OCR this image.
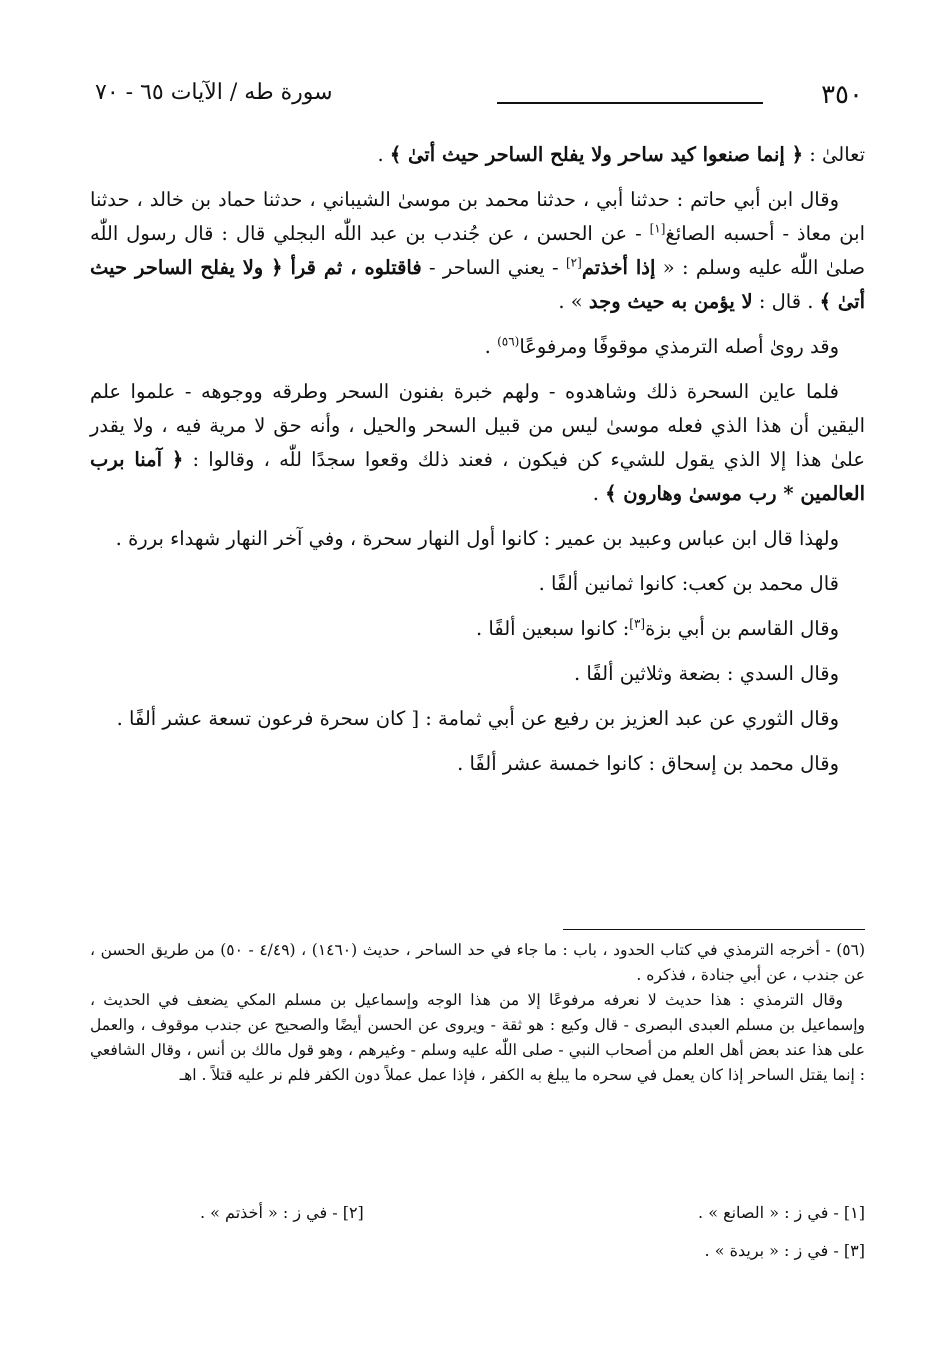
٣٥٠
سورة طه / الآيات ٦٥ - ٧٠

تعالىٰ : ﴿ إنما صنعوا كيد ساحر ولا يفلح الساحر حيث أتىٰ ﴾ .

وقال ابن أبي حاتم : حدثنا أبي ، حدثنا محمد بن موسىٰ الشيباني ، حدثنا حماد بن خالد ، حدثنا ابن معاذ - أحسبه الصائغ[١] - عن الحسن ، عن جُندب بن عبد اللّٰه البجلي قال : قال رسول اللّٰه صلىٰ اللّٰه عليه وسلم : « إذا أخذتم[٢] - يعني الساحر - فاقتلوه ، ثم قرأ ﴿ ولا يفلح الساحر حيث أتىٰ ﴾ . قال : لا يؤمن به حيث وجد » .

وقد روىٰ أصله الترمذي موقوفًا ومرفوعًا$^{(٥٦)}$ .

فلما عاين السحرة ذلك وشاهدوه - ولهم خبرة بفنون السحر وطرقه ووجوهه - علموا علم اليقين أن هذا الذي فعله موسىٰ ليس من قبيل السحر والحيل ، وأنه حق لا مرية فيه ، ولا يقدر علىٰ هذا إلا الذي يقول للشيء كن فيكون ، فعند ذلك وقعوا سجدًا للّٰه ، وقالوا : ﴿ آمنا برب العالمين * رب موسىٰ وهارون ﴾ .

ولهذا قال ابن عباس وعبيد بن عمير : كانوا أول النهار سحرة ، وفي آخر النهار شهداء بررة .

قال محمد بن كعب: كانوا ثمانين ألفًا .

وقال القاسم بن أبي بزة[٣]: كانوا سبعين ألفًا .

وقال السدي : بضعة وثلاثين ألفًا .

وقال الثوري عن عبد العزيز بن رفيع عن أبي ثمامة : [ كان سحرة فرعون تسعة عشر ألفًا .

وقال محمد بن إسحاق : كانوا خمسة عشر ألفًا .

(٥٦) - أخرجه الترمذي في كتاب الحدود ، باب : ما جاء في حد الساحر ، حديث (١٤٦٠) ، (٤/٤٩ - ٥٠) من طريق الحسن ، عن جندب ، عن أبي جنادة ، فذكره .

وقال الترمذي : هذا حديث لا نعرفه مرفوعًا إلا من هذا الوجه وإسماعيل بن مسلم المكي يضعف في الحديث ، وإسماعيل بن مسلم العبدى البصرى - قال وكيع : هو ثقة - ويروى عن الحسن أيضًا والصحيح عن جندب موقوف ، والعمل على هذا عند بعض أهل العلم من أصحاب النبي - صلى اللّٰه عليه وسلم - وغيرهم ، وهو قول مالك بن أنس ، وقال الشافعي : إنما يقتل الساحر إذا كان يعمل في سحره ما يبلغ به الكفر ، فإذا عمل عملاً دون الكفر فلم نر عليه قتلاً . اهـ

[١] - في ز : « الصانع » .
[٢] - في ز : « أخذتم » .
[٣] - في ز : « بريدة » .
